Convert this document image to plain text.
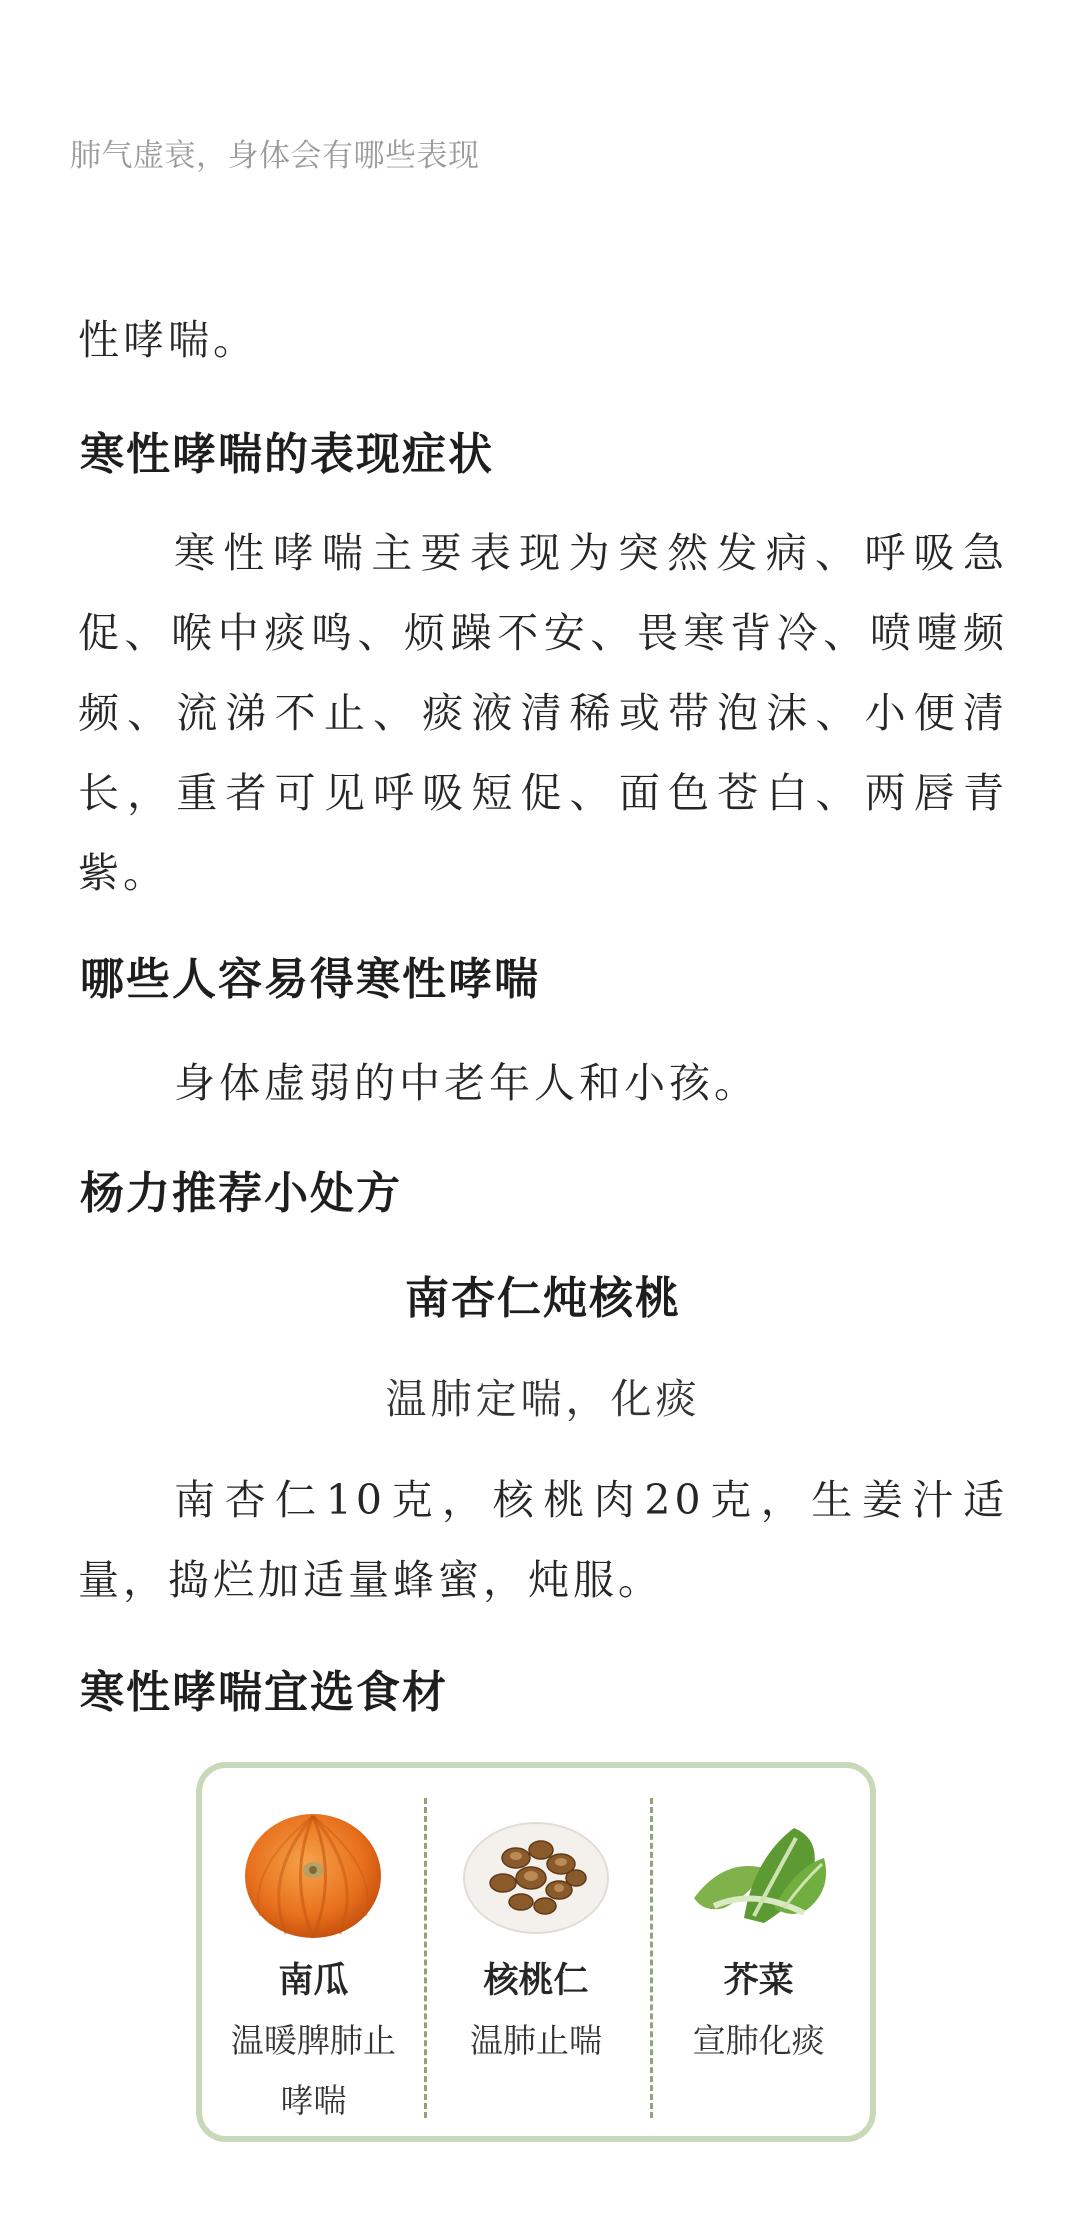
肺气虚衰，身体会有哪些表现
性哮喘。
寒性哮喘的表现症状
寒性哮喘主要表现为突然发病、呼吸急促、喉中痰鸣、烦躁不安、畏寒背冷、喷嚏频频、流涕不止、痰液清稀或带泡沫、小便清长，重者可见呼吸短促、面色苍白、两唇青紫。
哪些人容易得寒性哮喘
身体虚弱的中老年人和小孩。
杨力推荐小处方
南杏仁炖核桃
温肺定喘，化痰
南杏仁10克，核桃肉20克，生姜汁适量，捣烂加适量蜂蜜，炖服。
寒性哮喘宜选食材
南瓜
温暖脾肺止哮喘
核桃仁
温肺止喘
芥菜
宣肺化痰
